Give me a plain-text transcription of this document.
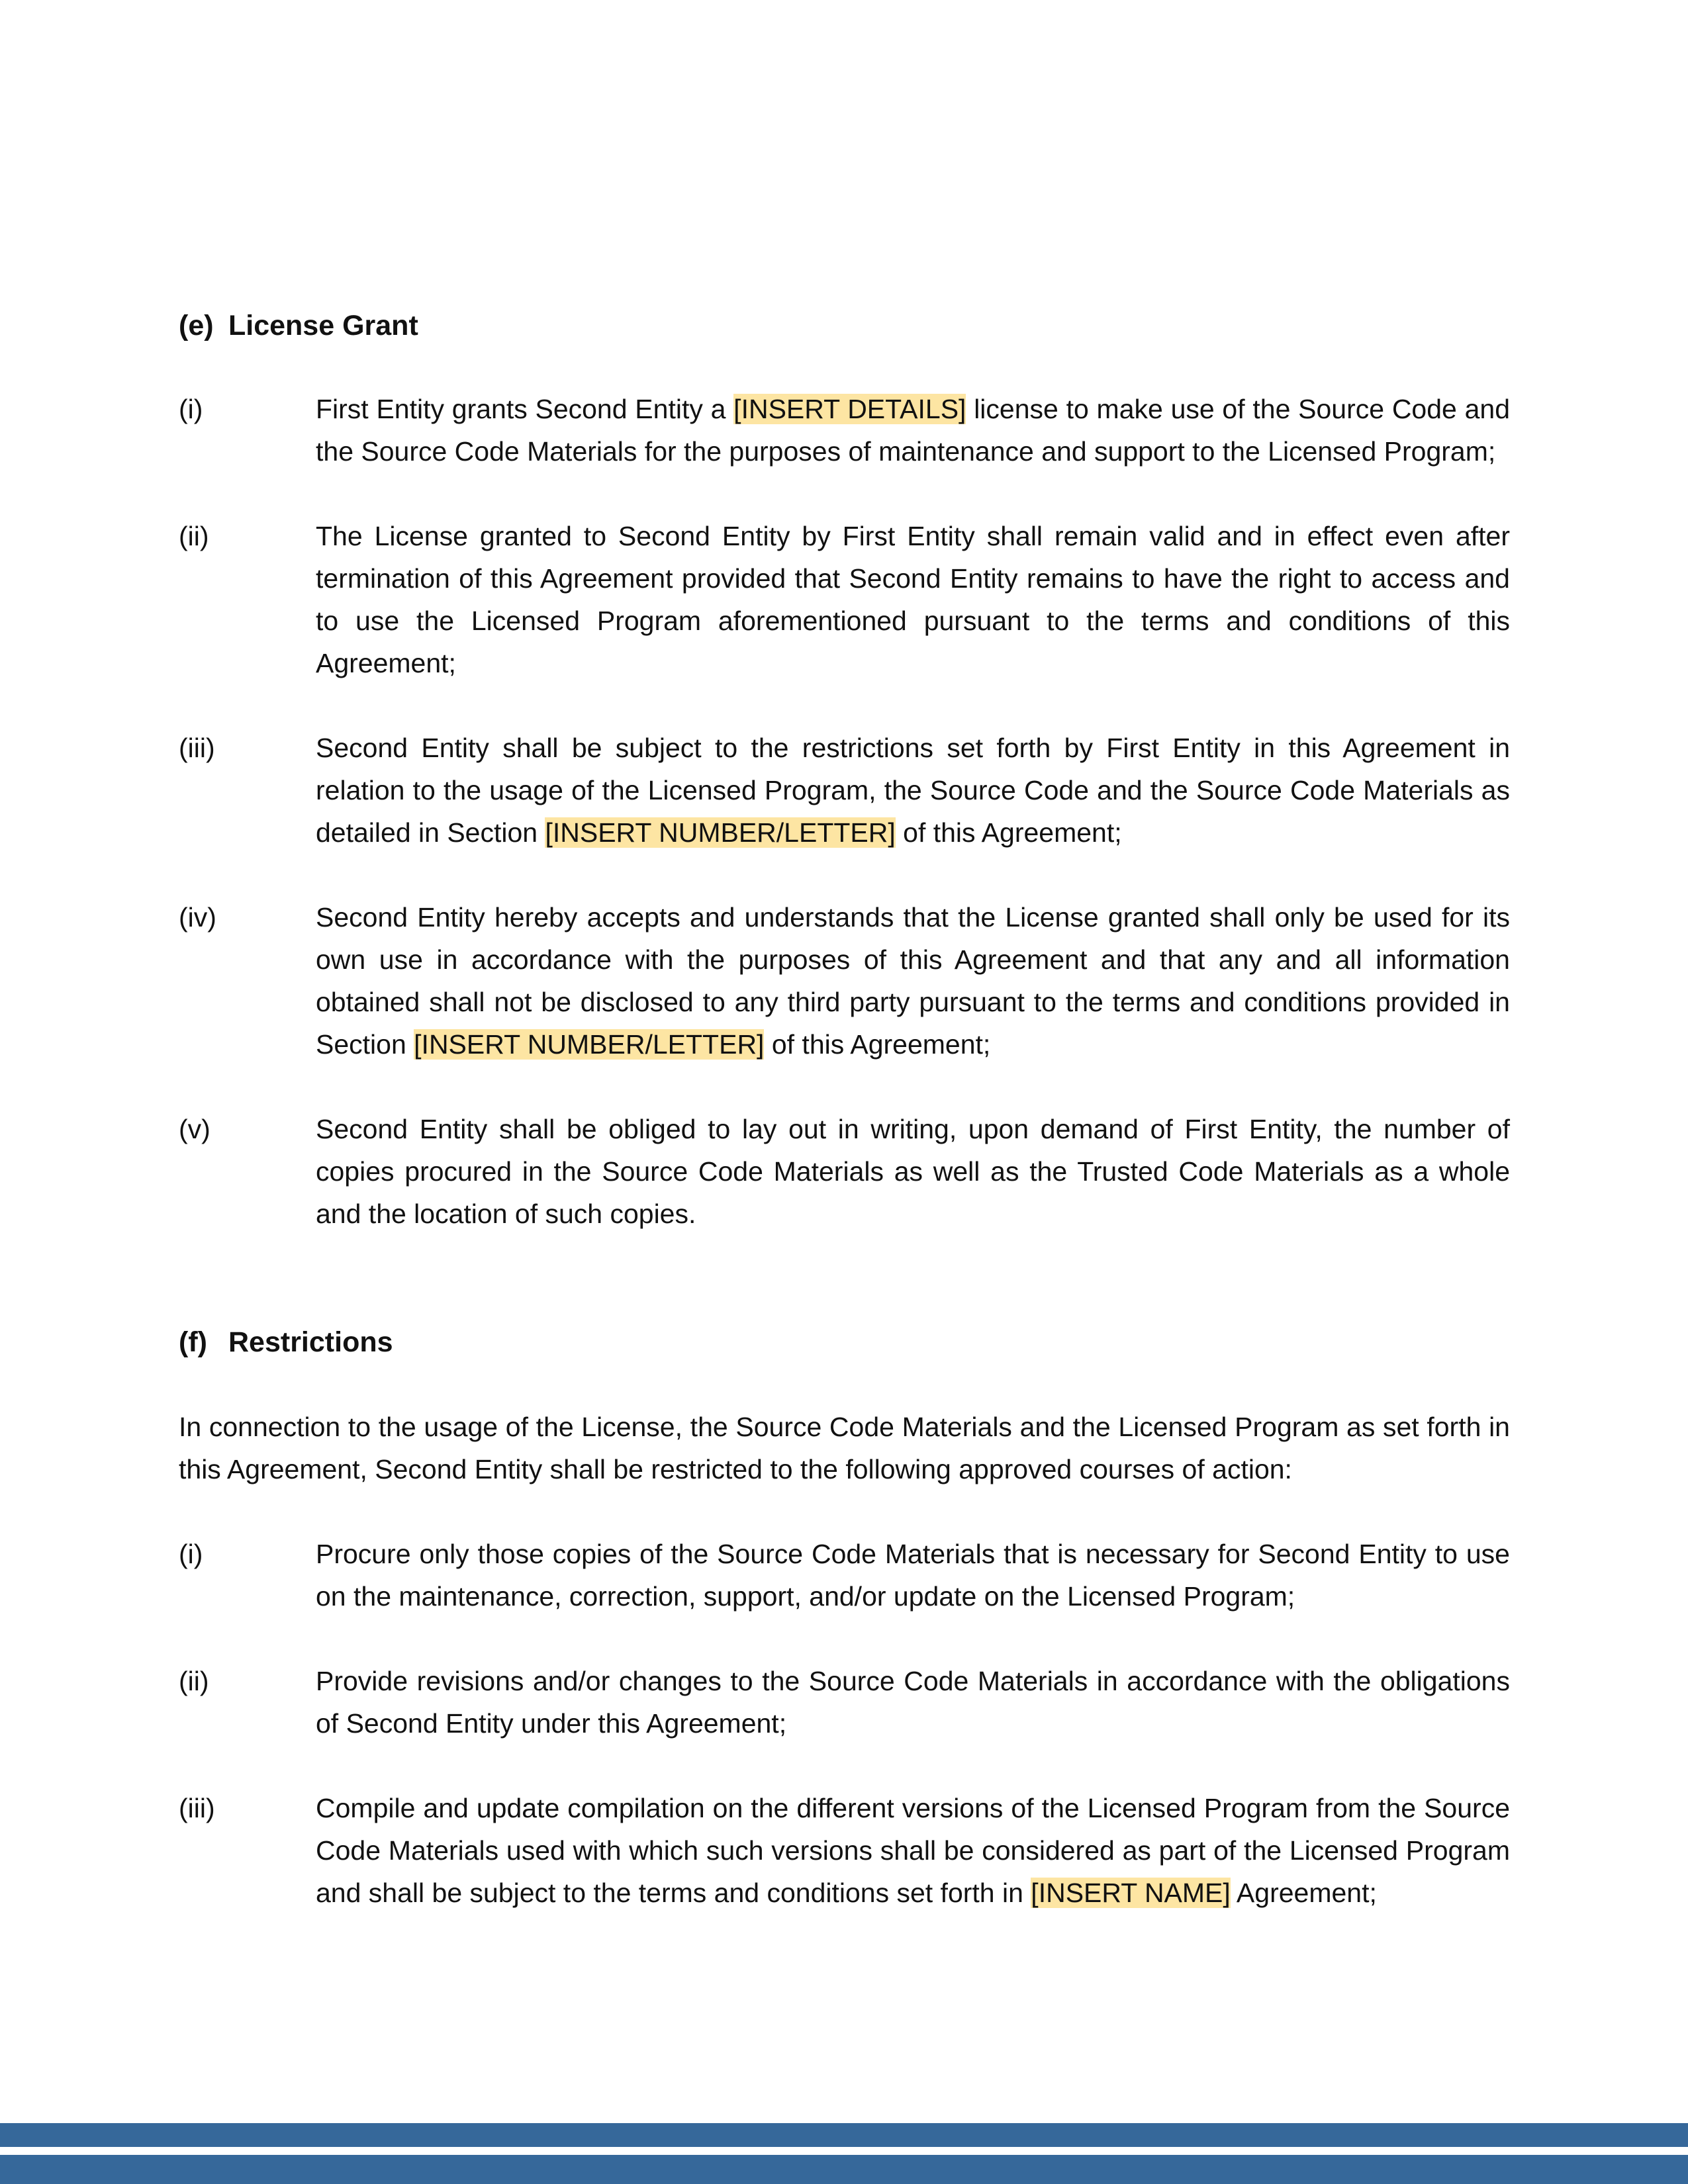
(e) License Grant
(i)	First Entity grants Second Entity a [INSERT DETAILS] license to make use of the Source Code and the Source Code Materials for the purposes of maintenance and support to the Licensed Program;
(ii)	The License granted to Second Entity by First Entity shall remain valid and in effect even after termination of this Agreement provided that Second Entity remains to have the right to access and to use the Licensed Program aforementioned pursuant to the terms and conditions of this Agreement;
(iii)	Second Entity shall be subject to the restrictions set forth by First Entity in this Agreement in relation to the usage of the Licensed Program, the Source Code and the Source Code Materials as detailed in Section [INSERT NUMBER/LETTER] of this Agreement;
(iv)	Second Entity hereby accepts and understands that the License granted shall only be used for its own use in accordance with the purposes of this Agreement and that any and all information obtained shall not be disclosed to any third party pursuant to the terms and conditions provided in Section [INSERT NUMBER/LETTER] of this Agreement;
(v)	Second Entity shall be obliged to lay out in writing, upon demand of First Entity, the number of copies procured in the Source Code Materials as well as the Trusted Code Materials as a whole and the location of such copies.
(f) Restrictions

In connection to the usage of the License, the Source Code Materials and the Licensed Program as set forth in this Agreement, Second Entity shall be restricted to the following approved courses of action:

(i)	Procure only those copies of the Source Code Materials that is necessary for Second Entity to use on the maintenance, correction, support, and/or update on the Licensed Program;
(ii)	Provide revisions and/or changes to the Source Code Materials in accordance with the obligations of Second Entity under this Agreement;
(iii)	Compile and update compilation on the different versions of the Licensed Program from the Source Code Materials used with which such versions shall be considered as part of the Licensed Program and shall be subject to the terms and conditions set forth in [INSERT NAME] Agreement;
